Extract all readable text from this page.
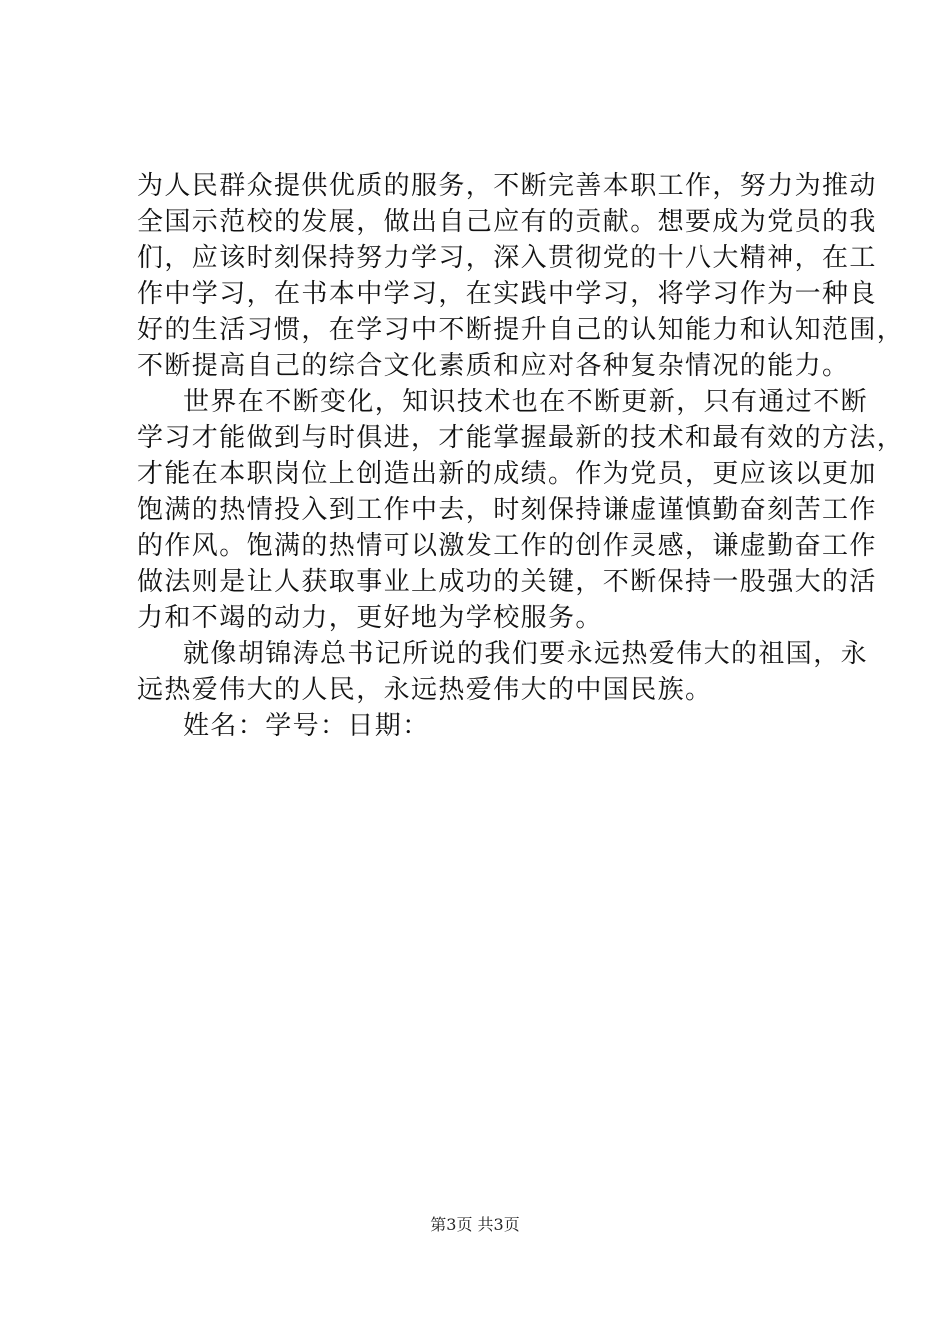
为人民群众提供优质的服务，不断完善本职工作，努力为推动
全国示范校的发展，做出自己应有的贡献。想要成为党员的我
们，应该时刻保持努力学习，深入贯彻党的十八大精神，在工
作中学习，在书本中学习，在实践中学习，将学习作为一种良
好的生活习惯，在学习中不断提升自己的认知能力和认知范围，
不断提高自己的综合文化素质和应对各种复杂情况的能力。
世界在不断变化，知识技术也在不断更新，只有通过不断
学习才能做到与时俱进，才能掌握最新的技术和最有效的方法，
才能在本职岗位上创造出新的成绩。作为党员，更应该以更加
饱满的热情投入到工作中去，时刻保持谦虚谨慎勤奋刻苦工作
的作风。饱满的热情可以激发工作的创作灵感，谦虚勤奋工作
做法则是让人获取事业上成功的关键，不断保持一股强大的活
力和不竭的动力，更好地为学校服务。
就像胡锦涛总书记所说的我们要永远热爱伟大的祖国，永
远热爱伟大的人民，永远热爱伟大的中国民族。
姓名：学号：日期：
第3页 共3页
